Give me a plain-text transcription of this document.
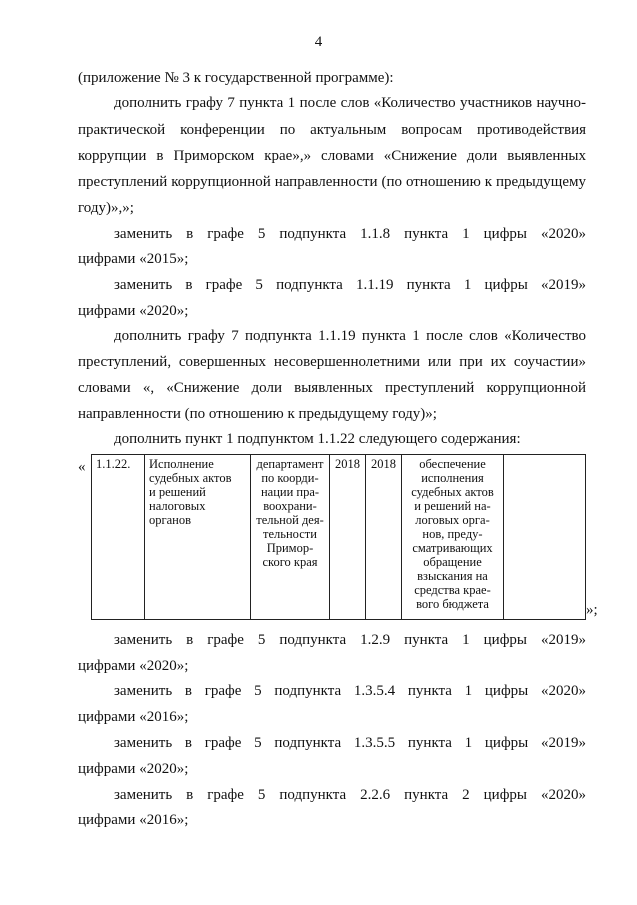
4
(приложение № 3 к государственной программе):
дополнить графу 7 пункта 1 после слов «Количество участников научно-
практической конференции по актуальным вопросам противодействия
коррупции в Приморском крае»,» словами «Снижение доли выявленных
преступлений коррупционной направленности (по отношению к предыдущему
году)»,»;
заменить в графе 5 подпункта 1.1.8 пункта 1 цифры «2020»
цифрами «2015»;
заменить в графе 5 подпункта 1.1.19 пункта 1 цифры «2019»
цифрами «2020»;
дополнить графу 7 подпункта 1.1.19 пункта 1 после слов «Количество
преступлений, совершенных несовершеннолетними или при их соучастии»
словами «, «Снижение доли выявленных преступлений коррупционной
направленности (по отношению к предыдущему году)»;
дополнить пункт 1 подпунктом 1.1.22 следующего содержания:
« 1.1.22.	Исполнение
судебных актов
и решений
налоговых
органов	департамент
по коорди-
нации пра-
воохрани-
тельной дея-
тельности
Примор-
ского края	2018	2018	обеспечение
исполнения
судебных актов
и решений на-
логовых орга-
нов, преду-
сматривающих
обращение
взыскания на
средства крае-
вого бюджета		»;
заменить в графе 5 подпункта 1.2.9 пункта 1 цифры «2019»
цифрами «2020»;
заменить в графе 5 подпункта 1.3.5.4 пункта 1 цифры «2020»
цифрами «2016»;
заменить в графе 5 подпункта 1.3.5.5 пункта 1 цифры «2019»
цифрами «2020»;
заменить в графе 5 подпункта 2.2.6 пункта 2 цифры «2020»
цифрами «2016»;
